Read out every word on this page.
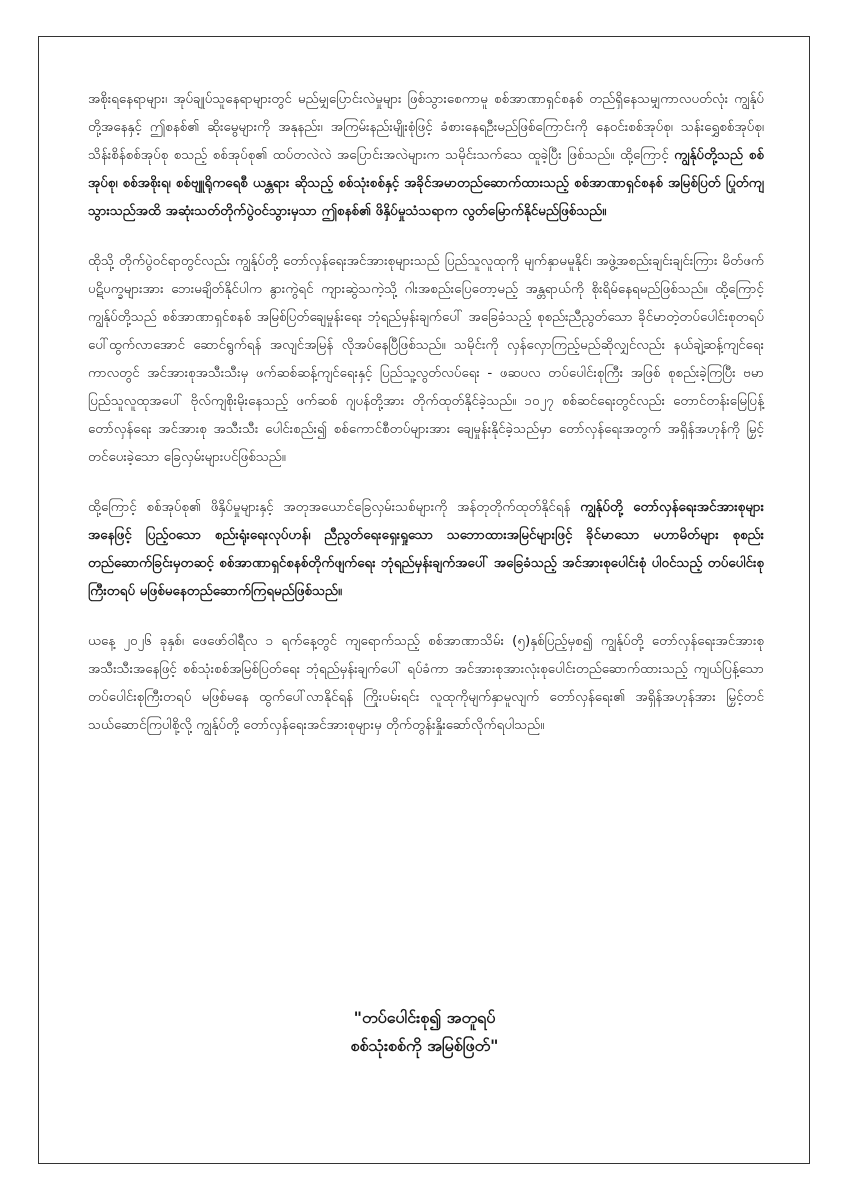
အစိုးရနေရာများ၊ အုပ်ချုပ်သူနေရာများတွင် မည်မျှပြောင်းလဲမှုများ ဖြစ်သွားစေကာမူ စစ်အာဏာရှင်စနစ် တည်ရှိနေသမျှကာလပတ်လုံး ကျွန်ုပ်တို့အနေနှင့် ဤစနစ်၏ ဆိုးမွေများကို အနုနည်း၊ အကြမ်းနည်းမျိုးစုံဖြင့် ခံစားနေရဦးမည်ဖြစ်ကြောင်းကို နေဝင်းစစ်အုပ်စု၊ သန်းရွှေစစ်အုပ်စု၊ သိန်းစိန်စစ်အုပ်စု စသည့် စစ်အုပ်စု၏ ထပ်တလဲလဲ အပြောင်းအလဲများက သမိုင်းသက်သေ ထူခဲ့ပြီး ဖြစ်သည်။ ထို့ကြောင့် ကျွန်ုပ်တို့သည် စစ်အုပ်စု၊ စစ်အစိုးရ၊ စစ်ဗျူရိုကရေစီ ယန္တရား ဆိုသည့် စစ်သုံးစစ်နှင့် အခိုင်အမာတည်ဆောက်ထားသည့် စစ်အာဏာရှင်စနစ် အမြစ်ပြတ် ပြုတ်ကျသွားသည်အထိ အဆုံးသတ်တိုက်ပွဲဝင်သွားမှသာ ဤစနစ်၏ ဖိနှိပ်မှုသံသရာက လွတ်မြောက်နိုင်မည်ဖြစ်သည်။

ထိုသို့ တိုက်ပွဲဝင်ရာတွင်လည်း ကျွန်ုပ်တို့ တော်လှန်ရေးအင်အားစုများသည် ပြည်သူလူထုကို မျက်နှာမမူနိုင်၊ အဖွဲ့အစည်းချင်းချင်းကြား မိတ်ဖက်ပဋိပက္ခများအား ဘေးမချိတ်နိုင်ပါက နွားကွဲရင် ကျားဆွဲသကဲ့သို့ ဂါးအစည်းပြေတော့မည့် အန္တရာယ်ကို စိုးရိမ်နေရမည်ဖြစ်သည်။ ထို့ကြောင့် ကျွန်ုပ်တို့သည် စစ်အာဏာရှင်စနစ် အမြစ်ပြတ်ချေမှုန်းရေး ဘုံရည်မှန်းချက်ပေါ် အခြေခံသည့် စုစည်းညီညွတ်သော ခိုင်မာတဲ့တပ်ပေါင်းစုတရပ်ပေါ်ထွက်လာအောင် ဆောင်ရွက်ရန် အလျင်အမြန် လိုအပ်နေပြီဖြစ်သည်။ သမိုင်းကို လှန်လှောကြည့်မည်ဆိုလျှင်လည်း နယ်ချဲ့ဆန့်ကျင်ရေးကာလတွင် အင်အားစုအသီးသီးမှ ဖက်ဆစ်ဆန့်ကျင်ရေးနှင့် ပြည်သူ့လွတ်လပ်ရေး - ဖဆပလ တပ်ပေါင်းစုကြီး အဖြစ် စုစည်းခဲ့ကြပြီး ဗမာပြည်သူလူထုအပေါ် ဗိုလ်ကျစိုးမိုးနေသည့် ဖက်ဆစ် ဂျပန်တို့အား တိုက်ထုတ်နိုင်ခဲ့သည်။ ၁၀၂၇ စစ်ဆင်ရေးတွင်လည်း တောင်တန်းမြေပြန့် တော်လှန်ရေး အင်အားစု အသီးသီး ပေါင်းစည်း၍ စစ်ကောင်စီတပ်များအား ချေမှုန်းနိုင်ခဲ့သည်မှာ တော်လှန်ရေးအတွက် အရှိန်အဟုန်ကို မြှင့်တင်ပေးခဲ့သော ခြေလှမ်းများပင်ဖြစ်သည်။

ထို့ကြောင့် စစ်အုပ်စု၏ ဖိနှိပ်မှုများနှင့် အတုအယောင်ခြေလှမ်းသစ်များကို အန်တုတိုက်ထုတ်နိုင်ရန် ကျွန်ုပ်တို့ တော်လှန်ရေးအင်အားစုများအနေဖြင့် ပြည့်ဝသော စည်းရုံးရေးလုပ်ဟန်၊ ညီညွတ်ရေးရှေးရှုသော သဘောထားအမြင်များဖြင့် ခိုင်မာသော မဟာမိတ်များ စုစည်းတည်ဆောက်ခြင်းမှတဆင့် စစ်အာဏာရှင်စနစ်တိုက်ဖျက်ရေး ဘုံရည်မှန်းချက်အပေါ် အခြေခံသည့် အင်အားစုပေါင်းစုံ ပါဝင်သည့် တပ်ပေါင်းစုကြီးတရပ် မဖြစ်မနေတည်ဆောက်ကြရမည်ဖြစ်သည်။

ယနေ့ ၂၀၂၆ ခုနှစ်၊ ဖေဖော်ဝါရီလ ၁ ရက်နေ့တွင် ကျရောက်သည့် စစ်အာဏာသိမ်း (၅)နှစ်ပြည့်မှစ၍ ကျွန်ုပ်တို့ တော်လှန်ရေးအင်အားစုအသီးသီးအနေဖြင့် စစ်သုံးစစ်အမြစ်ပြတ်ရေး ဘုံရည်မှန်းချက်ပေါ် ရပ်ခံကာ အင်အားစုအားလုံးစုပေါင်းတည်ဆောက်ထားသည့် ကျယ်ပြန့်သော တပ်ပေါင်းစုကြီးတရပ် မဖြစ်မနေ ထွက်ပေါ်လာနိုင်ရန် ကြိုးပမ်းရင်း လူထုကိုမျက်နှာမူလျက် တော်လှန်ရေး၏ အရှိန်အဟုန်အား မြှင့်တင်သယ်ဆောင်ကြပါစို့လို့ ကျွန်ုပ်တို့ တော်လှန်ရေးအင်အားစုများမှ တိုက်တွန်းနှိုးဆော်လိုက်ရပါသည်။

"တပ်ပေါင်းစု၍ အတူရပ်
စစ်သုံးစစ်ကို အမြစ်ဖြတ်"
